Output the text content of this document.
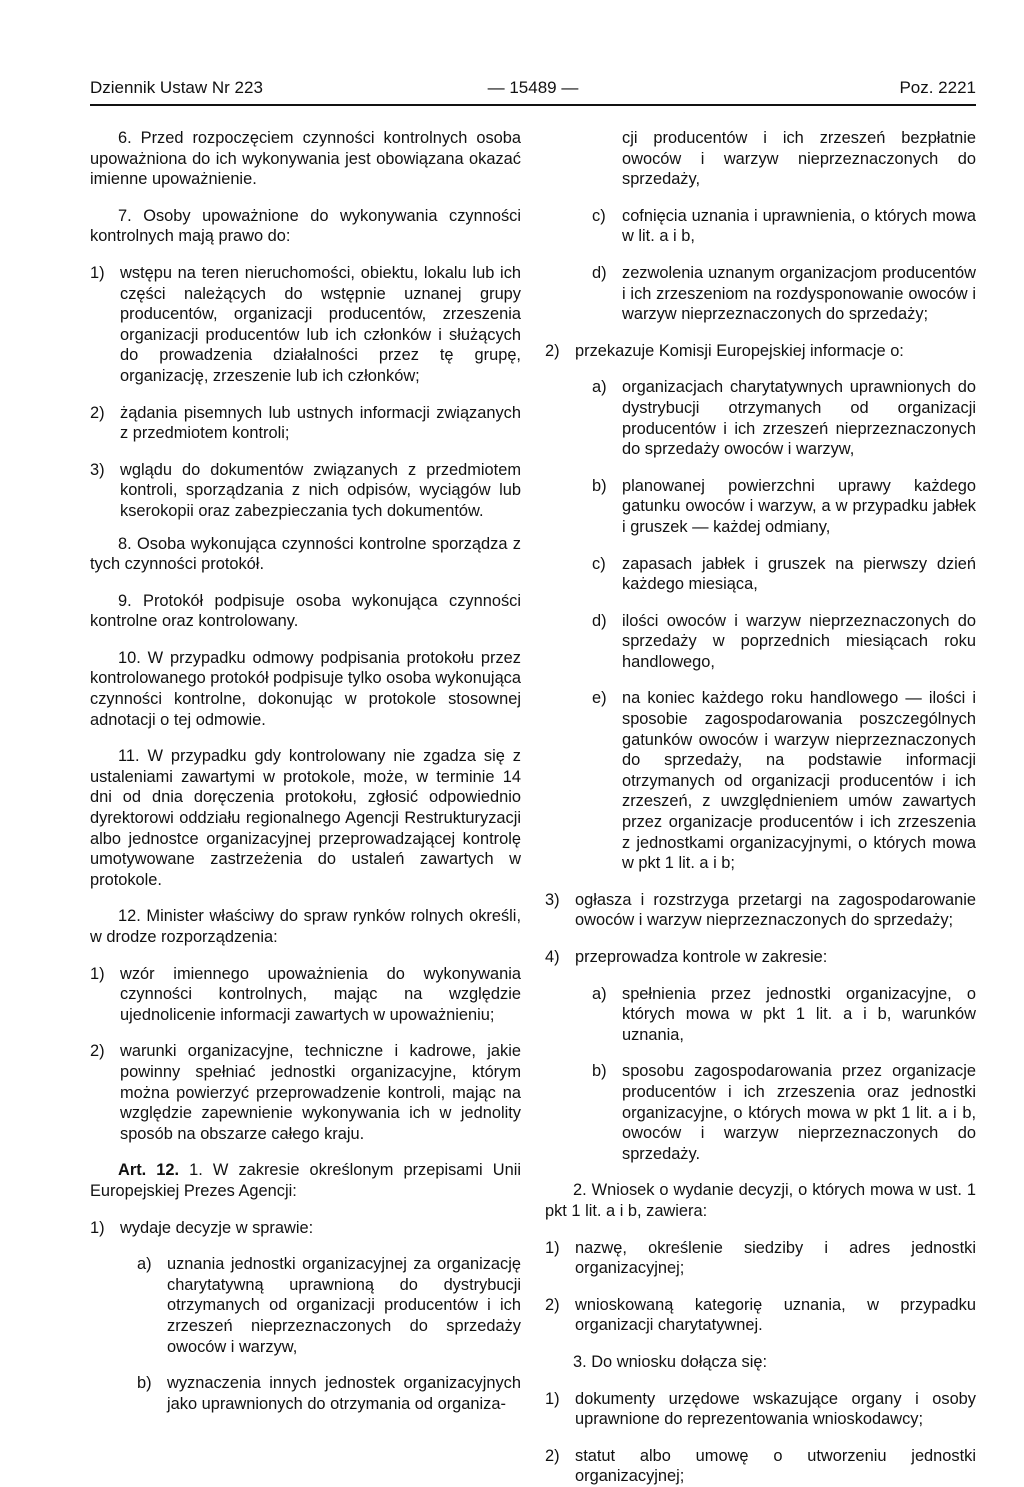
Dziennik Ustaw Nr 223	— 15489 —	Poz. 2221

6. Przed rozpoczęciem czynności kontrolnych osoba upoważniona do ich wykonywania jest obowiązana okazać imienne upoważnienie.

7. Osoby upoważnione do wykonywania czynności kontrolnych mają prawo do:

1) wstępu na teren nieruchomości, obiektu, lokalu lub ich części należących do wstępnie uznanej grupy producentów, organizacji producentów, zrzeszenia organizacji producentów lub ich członków i służących do prowadzenia działalności przez tę grupę, organizację, zrzeszenie lub ich członków;
2) żądania pisemnych lub ustnych informacji związanych z przedmiotem kontroli;
3) wglądu do dokumentów związanych z przedmiotem kontroli, sporządzania z nich odpisów, wyciągów lub kserokopii oraz zabezpieczania tych dokumentów.

8. Osoba wykonująca czynności kontrolne sporządza z tych czynności protokół.

9. Protokół podpisuje osoba wykonująca czynności kontrolne oraz kontrolowany.

10. W przypadku odmowy podpisania protokołu przez kontrolowanego protokół podpisuje tylko osoba wykonująca czynności kontrolne, dokonując w protokole stosownej adnotacji o tej odmowie.

11. W przypadku gdy kontrolowany nie zgadza się z ustaleniami zawartymi w protokole, może, w terminie 14 dni od dnia doręczenia protokołu, zgłosić odpowiednio dyrektorowi oddziału regionalnego Agencji Restrukturyzacji albo jednostce organizacyjnej przeprowadzającej kontrolę umotywowane zastrzeżenia do ustaleń zawartych w protokole.

12. Minister właściwy do spraw rynków rolnych określi, w drodze rozporządzenia:

1) wzór imiennego upoważnienia do wykonywania czynności kontrolnych, mając na względzie ujednolicenie informacji zawartych w upoważnieniu;
2) warunki organizacyjne, techniczne i kadrowe, jakie powinny spełniać jednostki organizacyjne, którym można powierzyć przeprowadzenie kontroli, mając na względzie zapewnienie wykonywania ich w jednolity sposób na obszarze całego kraju.

Art. 12. 1. W zakresie określonym przepisami Unii Europejskiej Prezes Agencji:

1) wydaje decyzje w sprawie:
a) uznania jednostki organizacyjnej za organizację charytatywną uprawnioną do dystrybucji otrzymanych od organizacji producentów i ich zrzeszeń nieprzeznaczonych do sprzedaży owoców i warzyw,
b) wyznaczenia innych jednostek organizacyjnych jako uprawnionych do otrzymania od organiza-
cji producentów i ich zrzeszeń bezpłatnie owoców i warzyw nieprzeznaczonych do sprzedaży,
c) cofnięcia uznania i uprawnienia, o których mowa w lit. a i b,
d) zezwolenia uznanym organizacjom producentów i ich zrzeszeniom na rozdysponowanie owoców i warzyw nieprzeznaczonych do sprzedaży;
2) przekazuje Komisji Europejskiej informacje o:
a) organizacjach charytatywnych uprawnionych do dystrybucji otrzymanych od organizacji producentów i ich zrzeszeń nieprzeznaczonych do sprzedaży owoców i warzyw,
b) planowanej powierzchni uprawy każdego gatunku owoców i warzyw, a w przypadku jabłek i gruszek — każdej odmiany,
c) zapasach jabłek i gruszek na pierwszy dzień każdego miesiąca,
d) ilości owoców i warzyw nieprzeznaczonych do sprzedaży w poprzednich miesiącach roku handlowego,
e) na koniec każdego roku handlowego — ilości i sposobie zagospodarowania poszczególnych gatunków owoców i warzyw nieprzeznaczonych do sprzedaży, na podstawie informacji otrzymanych od organizacji producentów i ich zrzeszeń, z uwzględnieniem umów zawartych przez organizacje producentów i ich zrzeszenia z jednostkami organizacyjnymi, o których mowa w pkt 1 lit. a i b;
3) ogłasza i rozstrzyga przetargi na zagospodarowanie owoców i warzyw nieprzeznaczonych do sprzedaży;
4) przeprowadza kontrole w zakresie:
a) spełnienia przez jednostki organizacyjne, o których mowa w pkt 1 lit. a i b, warunków uznania,
b) sposobu zagospodarowania przez organizacje producentów i ich zrzeszenia oraz jednostki organizacyjne, o których mowa w pkt 1 lit. a i b, owoców i warzyw nieprzeznaczonych do sprzedaży.

2. Wniosek o wydanie decyzji, o których mowa w ust. 1 pkt 1 lit. a i b, zawiera:

1) nazwę, określenie siedziby i adres jednostki organizacyjnej;
2) wnioskowaną kategorię uznania, w przypadku organizacji charytatywnej.

3. Do wniosku dołącza się:

1) dokumenty urzędowe wskazujące organy i osoby uprawnione do reprezentowania wnioskodawcy;
2) statut albo umowę o utworzeniu jednostki organizacyjnej;
